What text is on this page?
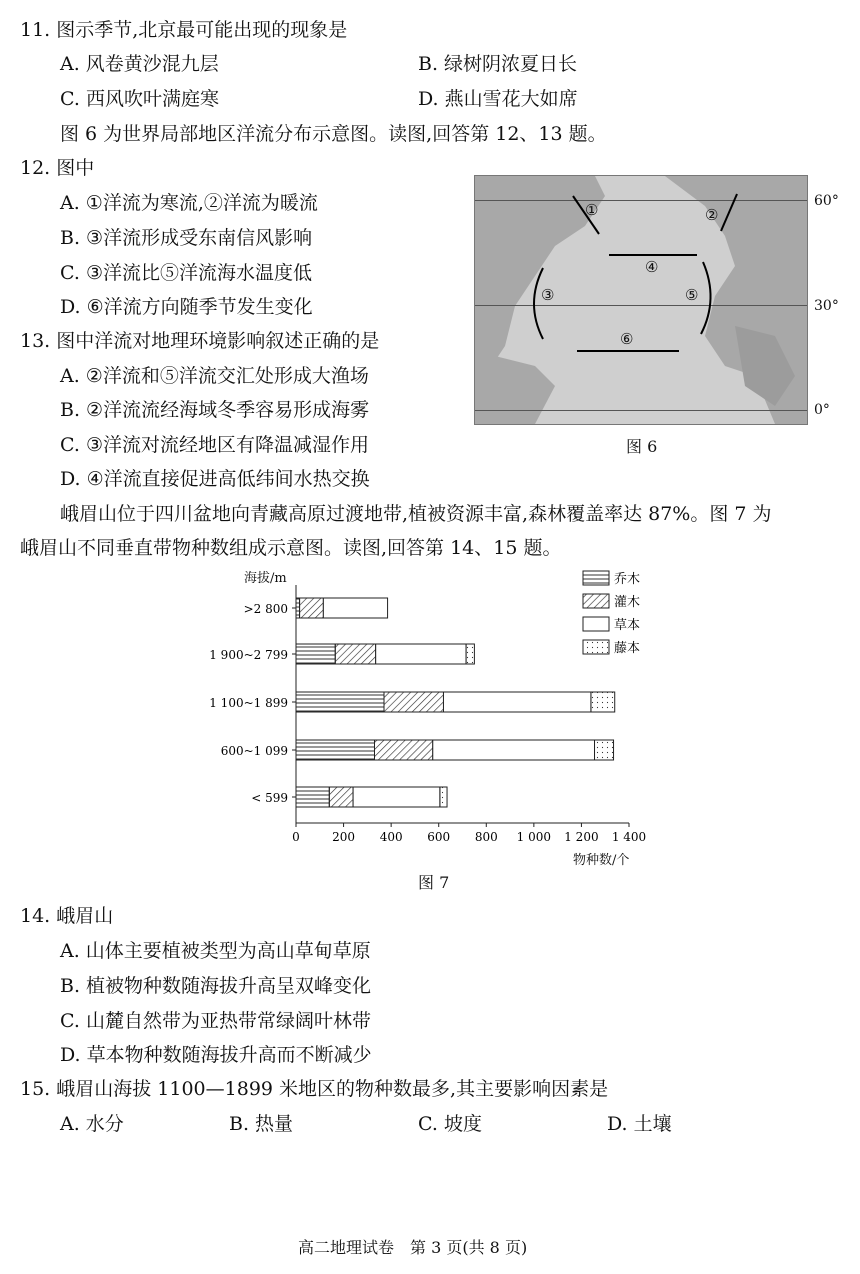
11. 图示季节,北京最可能出现的现象是
A. 风卷黄沙混九层	B. 绿树阴浓夏日长
C. 西风吹叶满庭寒	D. 燕山雪花大如席
图 6 为世界局部地区洋流分布示意图。读图,回答第 12、13 题。
12. 图中
A. ①洋流为寒流,②洋流为暖流
B. ③洋流形成受东南信风影响
C. ③洋流比⑤洋流海水温度低
D. ⑥洋流方向随季节发生变化
13. 图中洋流对地理环境影响叙述正确的是
A. ②洋流和⑤洋流交汇处形成大渔场
B. ②洋流流经海域冬季容易形成海雾
C. ③洋流对流经地区有降温减湿作用
D. ④洋流直接促进高低纬间水热交换
①	②
④
③	⑤
⑥
60°
30°
0°
图 6
峨眉山位于四川盆地向青藏高原过渡地带,植被资源丰富,森林覆盖率达 87%。图 7 为
峨眉山不同垂直带物种数组成示意图。读图,回答第 14、15 题。
>2 800
1 900~2 799
1 100~1 899
600~1 099
< 599
0	200 400 600 800 1 000 1 200 1 400
乔木
灌木
草本
藤本
海拔/m
物种数/个
图 7
14. 峨眉山
A. 山体主要植被类型为高山草甸草原
B. 植被物种数随海拔升高呈双峰变化
C. 山麓自然带为亚热带常绿阔叶林带
D. 草本物种数随海拔升高而不断减少
15. 峨眉山海拔 1100—1899 米地区的物种数最多,其主要影响因素是
A. 水分	B. 热量	C. 坡度	D. 土壤
高二地理试卷　第 3 页(共 8 页)
